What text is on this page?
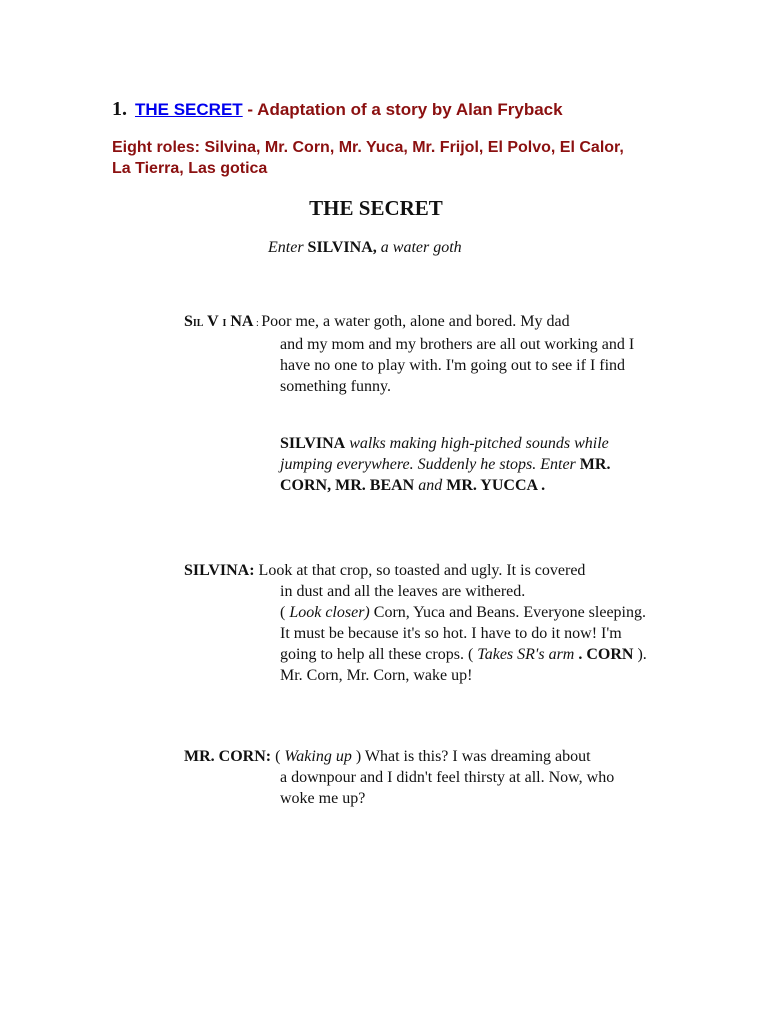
1. THE SECRET - Adaptation of a story by Alan Fryback
Eight roles: Silvina, Mr. Corn, Mr. Yuca, Mr. Frijol, El Polvo, El Calor, La Tierra, Las gotica
THE SECRET
Enter SILVINA, a water goth
SIL V I NA : Poor me, a water goth, alone and bored. My dad
and my mom and my brothers are all out working and I have no one to play with. I'm going out to see if I find something funny.
SILVINA walks making high-pitched sounds while jumping everywhere. Suddenly he stops. Enter MR. CORN, MR. BEAN and MR. YUCCA .
SILVINA: Look at that crop, so toasted and ugly. It is covered
in dust and all the leaves are withered.
( Look closer) Corn, Yuca and Beans. Everyone sleeping. It must be because it's so hot. I have to do it now! I'm going to help all these crops. ( Takes SR's arm . CORN ). Mr. Corn, Mr. Corn, wake up!
MR. CORN: ( Waking up ) What is this? I was dreaming about
a downpour and I didn't feel thirsty at all. Now, who woke me up?
